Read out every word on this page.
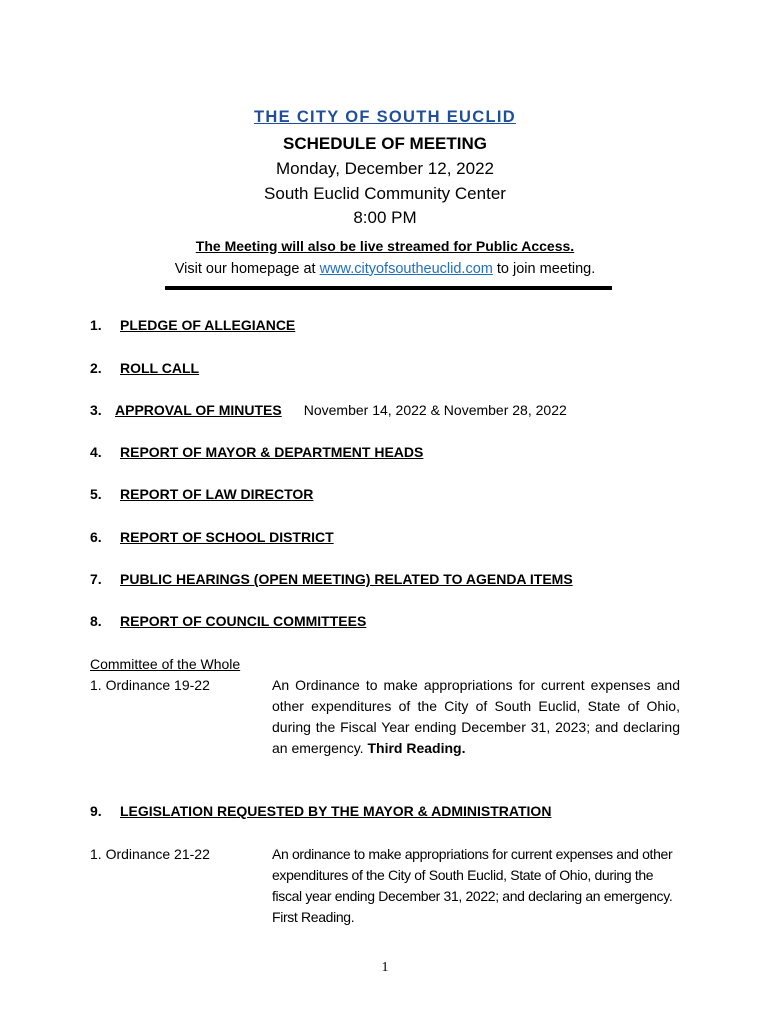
THE CITY OF SOUTH EUCLID
SCHEDULE OF MEETING
Monday, December 12, 2022
South Euclid Community Center
8:00 PM
The Meeting will also be live streamed for Public Access.
Visit our homepage at www.cityofsoutheuclid.com to join meeting.
1. PLEDGE OF ALLEGIANCE
2. ROLL CALL
3. APPROVAL OF MINUTES November 14, 2022 & November 28, 2022
4. REPORT OF MAYOR & DEPARTMENT HEADS
5. REPORT OF LAW DIRECTOR
6. REPORT OF SCHOOL DISTRICT
7. PUBLIC HEARINGS (OPEN MEETING) RELATED TO AGENDA ITEMS
8. REPORT OF COUNCIL COMMITTEES
Committee of the Whole
1. Ordinance 19-22	An Ordinance to make appropriations for current expenses and other expenditures of the City of South Euclid, State of Ohio, during the Fiscal Year ending December 31, 2023; and declaring an emergency. Third Reading.
9. LEGISLATION REQUESTED BY THE MAYOR & ADMINISTRATION
1. Ordinance 21-22	An ordinance to make appropriations for current expenses and other expenditures of the City of South Euclid, State of Ohio, during the fiscal year ending December 31, 2022; and declaring an emergency. First Reading.
1
